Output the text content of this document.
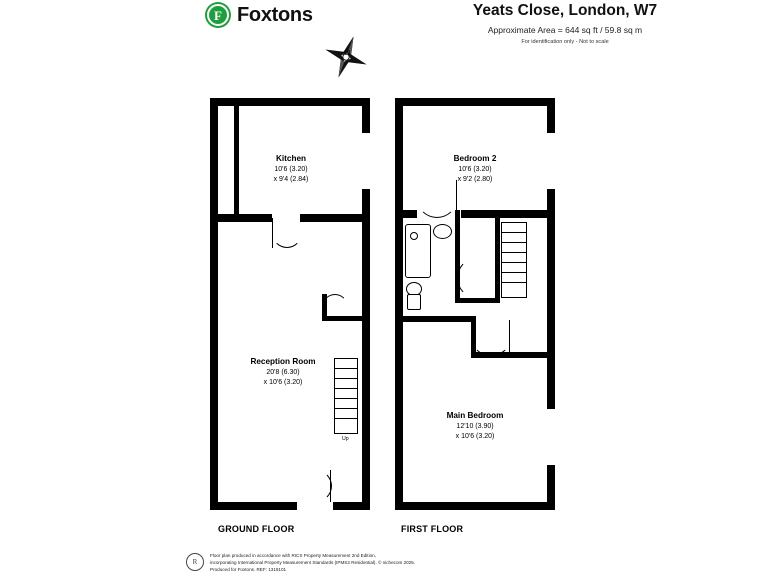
F Foxtons	Yeats Close, London, W7
Approximate Area = 644 sq ft / 59.8 sq m
For identification only - Not to scale
N
Up
Kitchen
10'6 (3.20)
x 9'4 (2.84)
Reception Room
20'8 (6.30)
x 10'6 (3.20)
GROUND FLOOR
Down
Bedroom 2
10'6 (3.20)
x 9'2 (2.80)
Main Bedroom
12'10 (3.90)
x 10'6 (3.20)
FIRST FLOOR
R
Floor plan produced in accordance with RICS Property Measurement 2nd Edition,
incorporating International Property Measurement Standards (IPMS2 Residential). © nichecom 2025.
Produced for Foxtons. REF: 1319101
